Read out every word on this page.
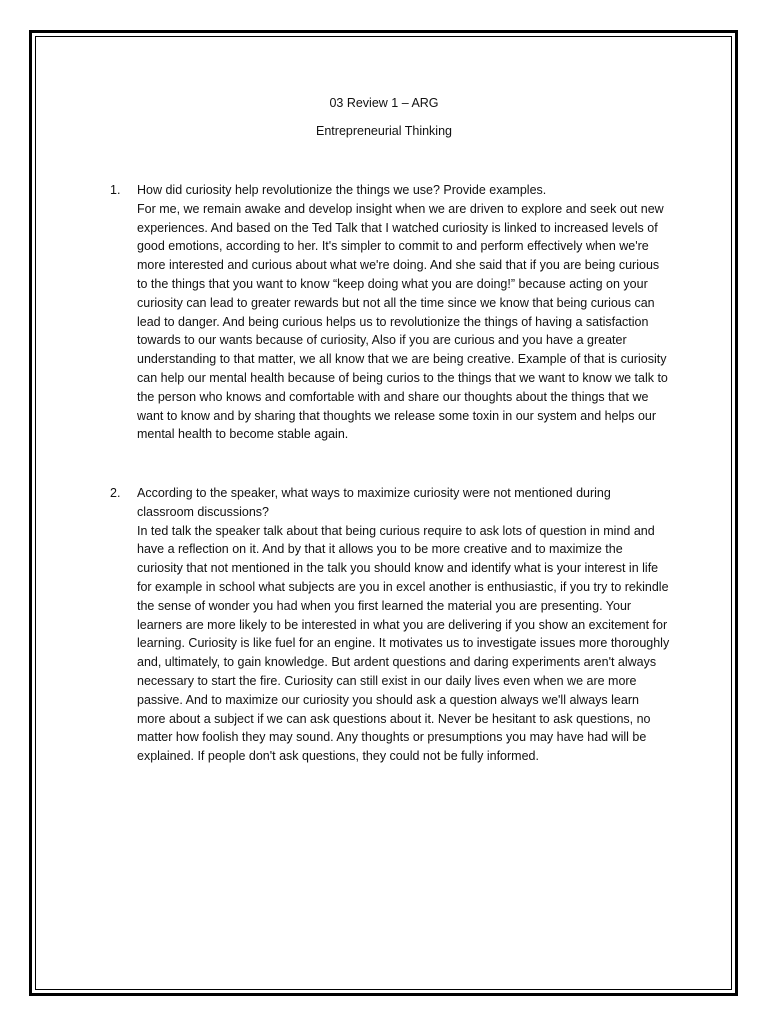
03 Review 1 – ARG
Entrepreneurial Thinking
1.	How did curiosity help revolutionize the things we use? Provide examples.

For me, we remain awake and develop insight when we are driven to explore and seek out new experiences. And based on the Ted Talk that I watched curiosity is linked to increased levels of good emotions, according to her. It's simpler to commit to and perform effectively when we're more interested and curious about what we're doing. And she said that if you are being curious to the things that you want to know “keep doing what you are doing!” because acting on your curiosity can lead to greater rewards but not all the time since we know that being curious can lead to danger. And being curious helps us to revolutionize the things of having a satisfaction towards to our wants because of curiosity, Also if you are curious and you have a greater understanding to that matter, we all know that we are being creative. Example of that is curiosity can help our mental health because of being curios to the things that we want to know we talk to the person who knows and comfortable with and share our thoughts about the things that we want to know and by sharing that thoughts we release some toxin in our system and helps our mental health to become stable again.

2.	According to the speaker, what ways to maximize curiosity were not mentioned during classroom discussions?

In ted talk the speaker talk about that being curious require to ask lots of question in mind and have a reflection on it. And by that it allows you to be more creative and to maximize the curiosity that not mentioned in the talk you should know and identify what is your interest in life for example in school what subjects are you in excel another is enthusiastic, if you try to rekindle the sense of wonder you had when you first learned the material you are presenting. Your learners are more likely to be interested in what you are delivering if you show an excitement for learning. Curiosity is like fuel for an engine. It motivates us to investigate issues more thoroughly and, ultimately, to gain knowledge. But ardent questions and daring experiments aren't always necessary to start the fire. Curiosity can still exist in our daily lives even when we are more passive. And to maximize our curiosity you should ask a question always we'll always learn more about a subject if we can ask questions about it. Never be hesitant to ask questions, no matter how foolish they may sound. Any thoughts or presumptions you may have had will be explained. If people don't ask questions, they could not be fully informed.
